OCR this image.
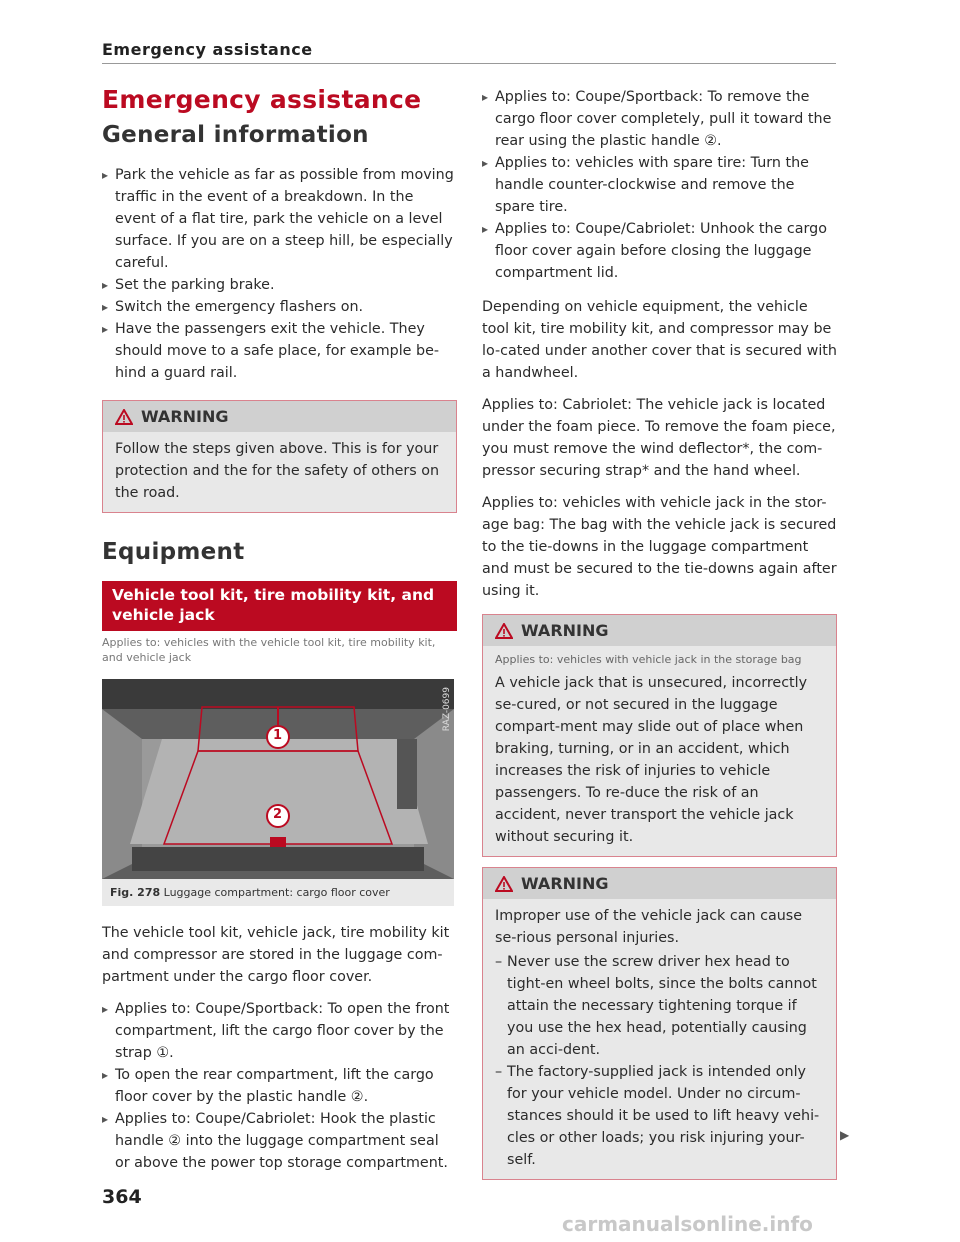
Emergency assistance
Emergency assistance
General information
▸ Park the vehicle as far as possible from moving traffic in the event of a breakdown. In the event of a flat tire, park the vehicle on a level surface. If you are on a steep hill, be especially careful.
▸ Set the parking brake.
▸ Switch the emergency flashers on.
▸ Have the passengers exit the vehicle. They should move to a safe place, for example be-hind a guard rail.
WARNING
Follow the steps given above. This is for your protection and the for the safety of others on the road.
Equipment
Vehicle tool kit, tire mobility kit, and vehicle jack
Applies to: vehicles with the vehicle tool kit, tire mobility kit, and vehicle jack
1
2
RAZ-0699
Fig. 278 Luggage compartment: cargo floor cover

The vehicle tool kit, vehicle jack, tire mobility kit and compressor are stored in the luggage com-partment under the cargo floor cover.

▸ Applies to: Coupe/Sportback: To open the front compartment, lift the cargo floor cover by the strap ①.
▸ To open the rear compartment, lift the cargo floor cover by the plastic handle ②.
▸ Applies to: Coupe/Cabriolet: Hook the plastic handle ② into the luggage compartment seal or above the power top storage compartment.
▸ Applies to: Coupe/Sportback: To remove the cargo floor cover completely, pull it toward the rear using the plastic handle ②.
▸ Applies to: vehicles with spare tire: Turn the handle counter-clockwise and remove the spare tire.
▸ Applies to: Coupe/Cabriolet: Unhook the cargo floor cover again before closing the luggage compartment lid.

Depending on vehicle equipment, the vehicle tool kit, tire mobility kit, and compressor may be lo-cated under another cover that is secured with a handwheel.

Applies to: Cabriolet: The vehicle jack is located under the foam piece. To remove the foam piece, you must remove the wind deflector*, the com-pressor securing strap* and the hand wheel.

Applies to: vehicles with vehicle jack in the stor-age bag: The bag with the vehicle jack is secured to the tie-downs in the luggage compartment and must be secured to the tie-downs again after using it.

WARNING
Applies to: vehicles with vehicle jack in the storage bag
A vehicle jack that is unsecured, incorrectly se-cured, or not secured in the luggage compart-ment may slide out of place when braking, turning, or in an accident, which increases the risk of injuries to vehicle passengers. To re-duce the risk of an accident, never transport the vehicle jack without securing it.
WARNING
Improper use of the vehicle jack can cause se-rious personal injuries.
– Never use the screw driver hex head to tight-en wheel bolts, since the bolts cannot attain the necessary tightening torque if you use the hex head, potentially causing an acci-dent.
– The factory-supplied jack is intended only for your vehicle model. Under no circum-stances should it be used to lift heavy vehi-cles or other loads; you risk injuring your-self.
▶
364
carmanualsonline.info
